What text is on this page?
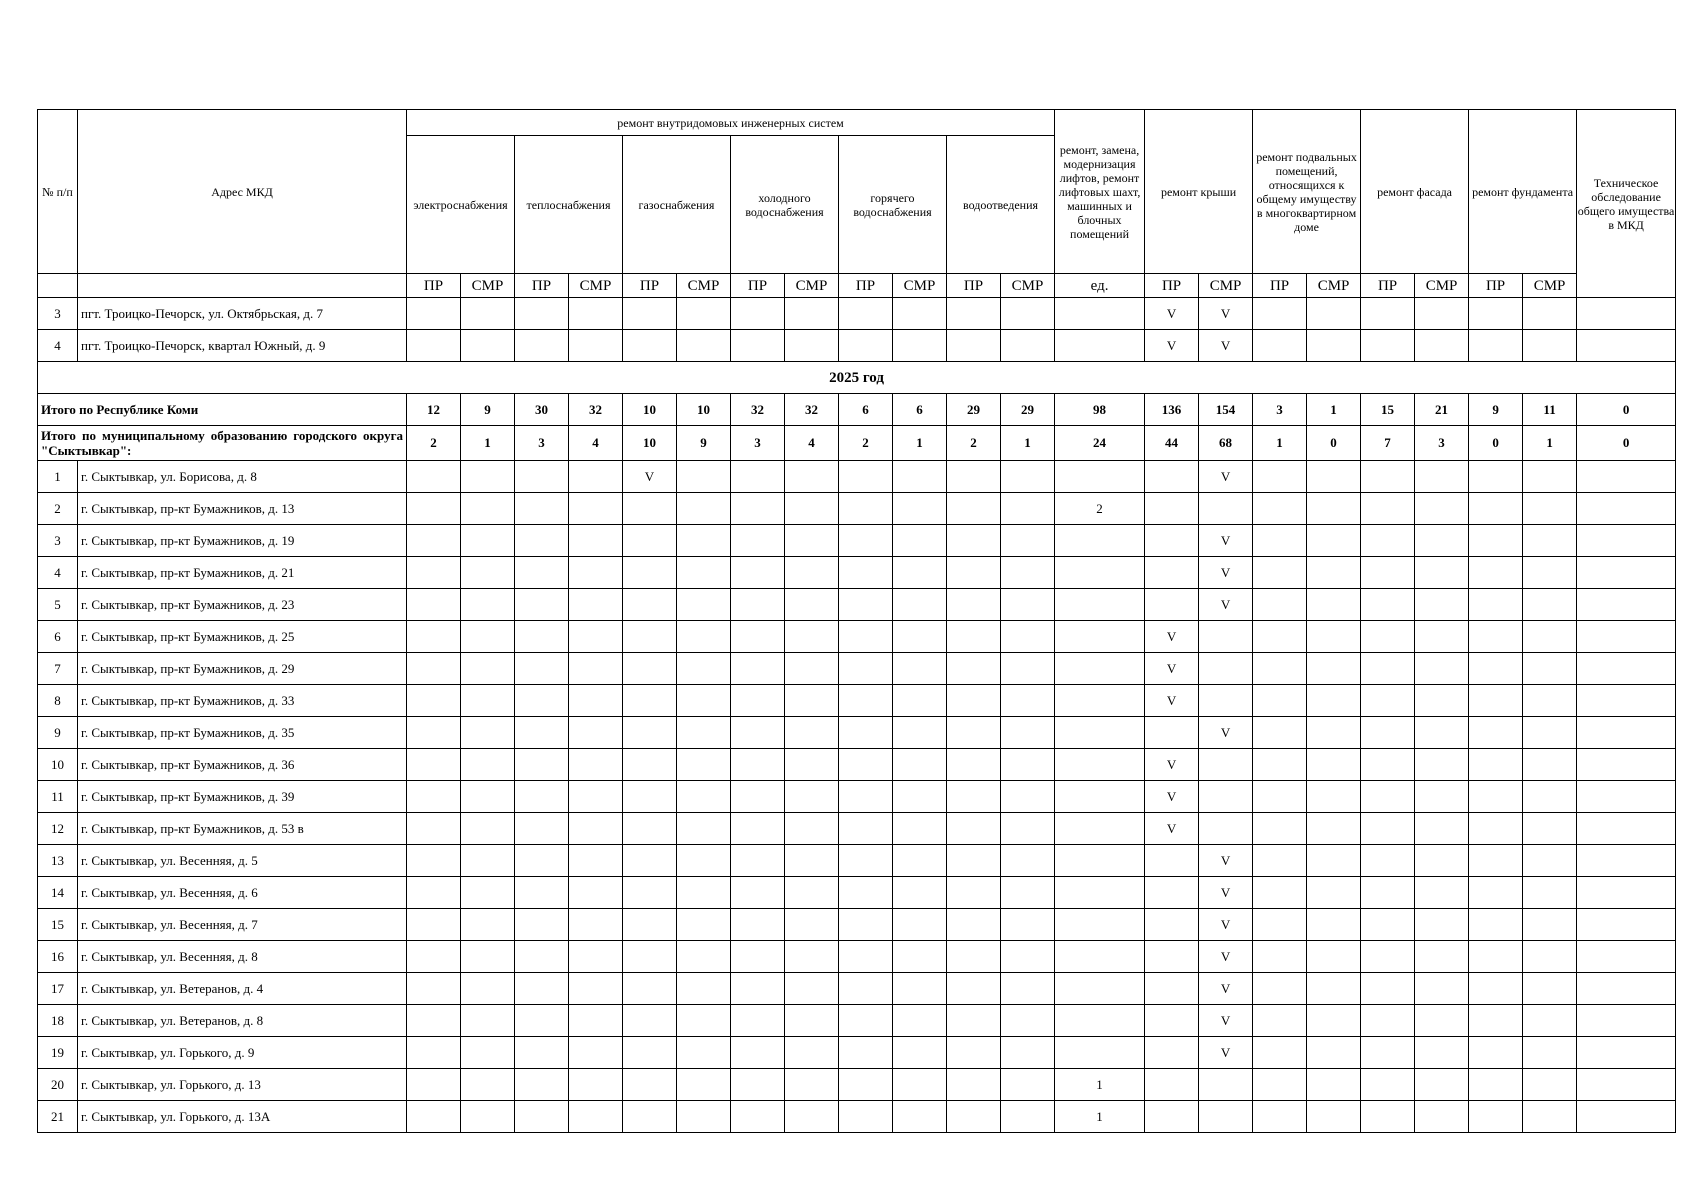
№ п/п	Адрес МКД	ремонт внутридомовых инженерных систем												ремонт, замена, модернизация лифтов, ремонт лифтовых шахт, машинных и блочных помещений	ремонт крыши		ремонт подвальных помещений, относящихся к общему имуществу в многоквартирном доме		ремонт фасада		ремонт фундамента		Техническое обследование общего имущества в МКД
		электроснабжения		теплоснабжения		газоснабжения		холодного водоснабжения		горячего водоснабжения		водоотведения											
		ПР	СМР	ПР	СМР	ПР	СМР	ПР	СМР	ПР	СМР	ПР	СМР	ед.	ПР	СМР	ПР	СМР	ПР	СМР	ПР	СМР	
3	пгт. Троицко-Печорск, ул. Октябрьская, д. 7														V	V							
4	пгт. Троицко-Печорск, квартал Южный, д. 9														V	V							
2025 год																							
Итого по Республике Коми		12	9	30	32	10	10	32	32	6	6	29	29	98	136	154	3	1	15	21	9	11	0
Итого по муниципальному образованию городского округа "Сыктывкар":		2	1	3	4	10	9	3	4	2	1	2	1	24	44	68	1	0	7	3	0	1	0
1	г. Сыктывкар, ул. Борисова, д. 8					V										V							
2	г. Сыктывкар, пр-кт Бумажников, д. 13													2									
3	г. Сыктывкар, пр-кт Бумажников, д. 19															V							
4	г. Сыктывкар, пр-кт Бумажников, д. 21															V							
5	г. Сыктывкар, пр-кт Бумажников, д. 23															V							
6	г. Сыктывкар, пр-кт Бумажников, д. 25														V								
7	г. Сыктывкар, пр-кт Бумажников, д. 29														V								
8	г. Сыктывкар, пр-кт Бумажников, д. 33														V								
9	г. Сыктывкар, пр-кт Бумажников, д. 35															V							
10	г. Сыктывкар, пр-кт Бумажников, д. 36														V								
11	г. Сыктывкар, пр-кт Бумажников, д. 39														V								
12	г. Сыктывкар, пр-кт Бумажников, д. 53 в														V								
13	г. Сыктывкар, ул. Весенняя, д. 5															V							
14	г. Сыктывкар, ул. Весенняя, д. 6															V							
15	г. Сыктывкар, ул. Весенняя, д. 7															V							
16	г. Сыктывкар, ул. Весенняя, д. 8															V							
17	г. Сыктывкар, ул. Ветеранов, д. 4															V							
18	г. Сыктывкар, ул. Ветеранов, д. 8															V							
19	г. Сыктывкар, ул. Горького, д. 9															V							
20	г. Сыктывкар, ул. Горького, д. 13													1									
21	г. Сыктывкар, ул. Горького, д. 13А													1									
